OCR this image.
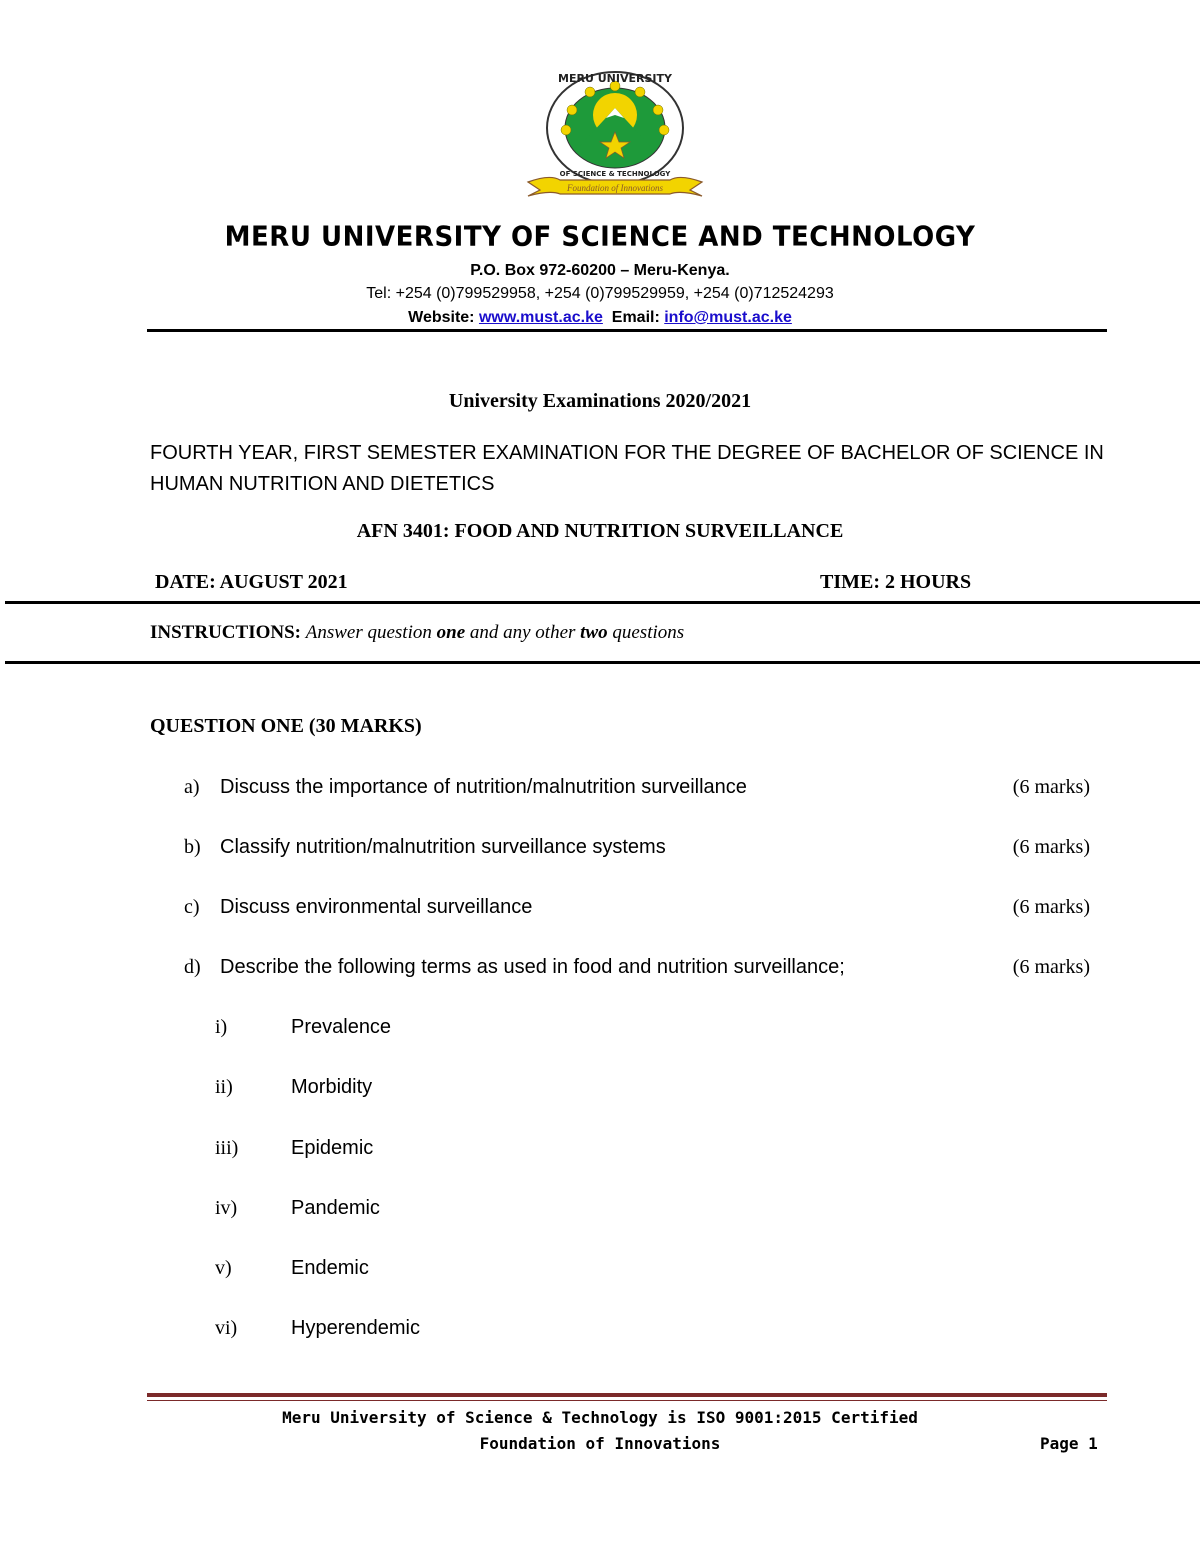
MERU UNIVERSITY
OF SCIENCE & TECHNOLOGY
Foundation of Innovations
MERU UNIVERSITY OF SCIENCE AND TECHNOLOGY
P.O. Box 972-60200 – Meru-Kenya.
Tel: +254 (0)799529958, +254 (0)799529959, +254 (0)712524293
Website: www.must.ac.ke Email: info@must.ac.ke
University Examinations 2020/2021
FOURTH YEAR, FIRST SEMESTER EXAMINATION FOR THE DEGREE OF BACHELOR OF SCIENCE IN HUMAN NUTRITION AND DIETETICS
AFN 3401: FOOD AND NUTRITION SURVEILLANCE
DATE: AUGUST 2021	TIME: 2 HOURS
INSTRUCTIONS: Answer question one and any other two questions
QUESTION ONE (30 MARKS)
a) Discuss the importance of nutrition/malnutrition surveillance	(6 marks)
b) Classify nutrition/malnutrition surveillance systems	(6 marks)
c) Discuss environmental surveillance	(6 marks)
d) Describe the following terms as used in food and nutrition surveillance;	(6 marks)
i)	Prevalence
ii)	Morbidity
iii)	Epidemic
iv)	Pandemic
v)	Endemic
vi)	Hyperendemic
Meru University of Science & Technology is ISO 9001:2015 Certified
Foundation of Innovations	Page 1
